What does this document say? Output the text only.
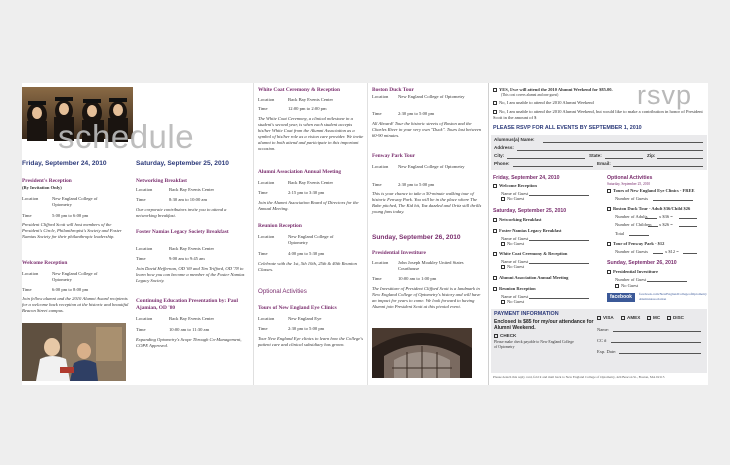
schedule

Friday, September 24, 2010

President's Reception

(By Invitation Only)

Location	New England College of Optometry
Time	5:00 pm to 6:00 pm

President Clifford Scott will host members of the President's Circle, Philanthropist's Society and Foster Namias Society for their philanthropic leadership.

Welcome Reception

Location	New England College of Optometry
Time	6:00 pm to 8:00 pm

Join fellow alumni and the 2010 Alumni Award recipients for a welcome back reception at the historic and beautiful Beacon Street campus.

Saturday, September 25, 2010

Networking Breakfast

Location	Back Bay Events Center
Time	8:30 am to 10:00 am

Our corporate contributors invite you to attend a networking breakfast.

Foster Namias Legacy Society Breakfast

Location	Back Bay Events Center
Time	9:00 am to 9:45 am

Join David Heffernan, OD '69 and Tim Trifford, OD '78 to learn how you can become a member of the Foster Namias Legacy Society.

Continuing Education Presentation by: Paul Ajamian, OD '80

Location	Back Bay Events Center
Time	10:00 am to 11:30 am

Expanding Optometry's Scope Through Co-Management, COPE Approved.

White Coat Ceremony & Reception

Location	Back Bay Events Center
Time	12:00 pm to 2:00 pm

The White Coat Ceremony, a clinical milestone in a student's second year, is when each student accepts his/her White Coat from the Alumni Association as a symbol of his/her role as a vision care provider. We invite alumni to both attend and participate in this important occasion.

Alumni Association Annual Meeting

Location	Back Bay Events Center
Time	2:15 pm to 3:30 pm

Join the Alumni Association Board of Directors for the Annual Meeting.

Reunion Reception

Location	New England College of Optometry
Time	4:00 pm to 5:30 pm

Celebrate with the 1st, 5th 10th, 25th & 40th Reunion Classes.

Optional Activities

Tours of New England Eye Clinics

Location	New England Eye
Time	2:30 pm to 5:00 pm

Tour New England Eye clinics to learn how the College's patient care and clinical subsidiary has grown.

Boston Duck Tour

Location New England College of Optometry
Time	2:30 pm to 5:00 pm

All Aboard! Tour the historic streets of Boston and the Charles River in your very own "Duck". Tours last between 60-90 minutes.

Fenway Park Tour

Location New England College of Optometry
Time	2:30 pm to 5:00 pm

This is your chance to take a 50-minute walking tour of historic Fenway Park. You will be in the place where The Babe pitched, The Kid hit, Yaz dazzled and Ortiz still thrills young fans today.

Sunday, September 26, 2010

Presidential Investiture

Location John Joseph Moakley United States Courthouse
Time	10:00 am to 1:00 pm

The Investiture of President Clifford Scott is a landmark in New England College of Optometry's history and will have an impact for years to come. We look forward to having Alumni join President Scott at this pivotal event.

rsvp
YES, I/we will attend the 2010 Alumni Weekend for $85.00.
(This cost covers alumni and one guest)
No, I am unable to attend the 2010 Alumni Weekend
No, I am unable to attend the 2010 Alumni Weekend, but would like to make a contribution in honor of President Scott in the amount of $
PLEASE RSVP FOR ALL EVENTS BY SEPTEMBER 1, 2010
Alumnus(a) Name:
Address:
City:	State:	Zip:
Phone:	Email:
Friday, September 24, 2010
Welcome Reception
Name of Guest
No Guest
Saturday, September 25, 2010
Networking Breakfast
Foster Namias Legacy Breakfast
Name of Guest
No Guest
White Coat Ceremony & Reception
Name of Guest
No Guest
Alumni Association Annual Meeting
Reunion Reception
Name of Guest
No Guest
Optional Activities
Saturday, September 25, 2010
Tours of New England Eye Clinics - FREE
Number of Guests
Boston Duck Tour - Adult $36/Child $26
Number of Adults	x $36 =
Number of Children x $26 =
Total
Tour of Fenway Park - $12
Number of Guests	x $12 =
Sunday, September 26, 2010
Presidential Investiture
Number of Guest
No Guest
facebook	facebook.com/NewEnglandCollegeofOptometryAlumniAssociation
PAYMENT INFORMATION
Enclosed is $85 for my/our attendance for Alumni Weekend.
CHECK
Please make check payable to New England College of Optometry
VISA	AMEX	MC	DISC
Name:
CC #
Exp. Date:
Please detach this reply card, fold it and mail back to New England College of Optometry, 424 Beacon St., Boston, MA 02115
